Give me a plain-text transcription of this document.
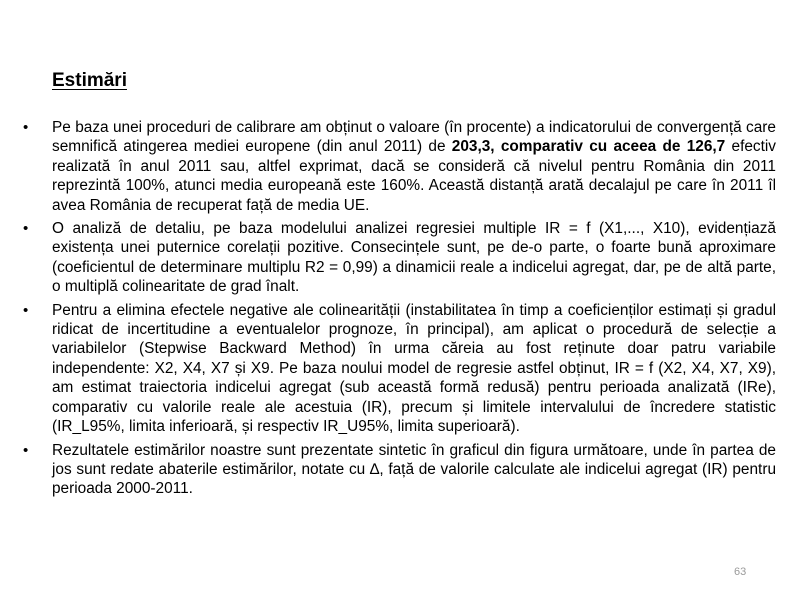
Estimări
• Pe baza unei proceduri de calibrare am obținut o valoare (în procente) a indicatorului de convergență care semnifică atingerea mediei europene (din anul 2011) de 203,3, comparativ cu aceea de 126,7 efectiv realizată în anul 2011 sau, altfel exprimat, dacă se consideră că nivelul pentru România din 2011 reprezintă 100%, atunci media europeană este 160%. Această distanță arată decalajul pe care în 2011 îl avea România de recuperat față de media UE.
• O analiză de detaliu, pe baza modelului analizei regresiei multiple IR = f (X1,..., X10), evidențiază existența unei puternice corelații pozitive. Consecințele sunt, pe de-o parte, o foarte bună aproximare (coeficientul de determinare multiplu R2 = 0,99) a dinamicii reale a indicelui agregat, dar, pe de altă parte, o multiplă colinearitate de grad înalt.
• Pentru a elimina efectele negative ale colinearității (instabilitatea în timp a coeficienților estimați și gradul ridicat de incertitudine a eventualelor prognoze, în principal), am aplicat o procedură de selecție a variabilelor (Stepwise Backward Method) în urma căreia au fost reținute doar patru variabile independente: X2, X4, X7 și X9. Pe baza noului model de regresie astfel obținut, IR = f (X2, X4, X7, X9), am estimat traiectoria indicelui agregat (sub această formă redusă) pentru perioada analizată (IRe), comparativ cu valorile reale ale acestuia (IR), precum și limitele intervalului de încredere statistic (IR_L95%, limita inferioară, și respectiv IR_U95%, limita superioară).
• Rezultatele estimărilor noastre sunt prezentate sintetic în graficul din figura următoare, unde în partea de jos sunt redate abaterile estimărilor, notate cu ∆, față de valorile calculate ale indicelui agregat (IR) pentru perioada 2000-2011.
63
